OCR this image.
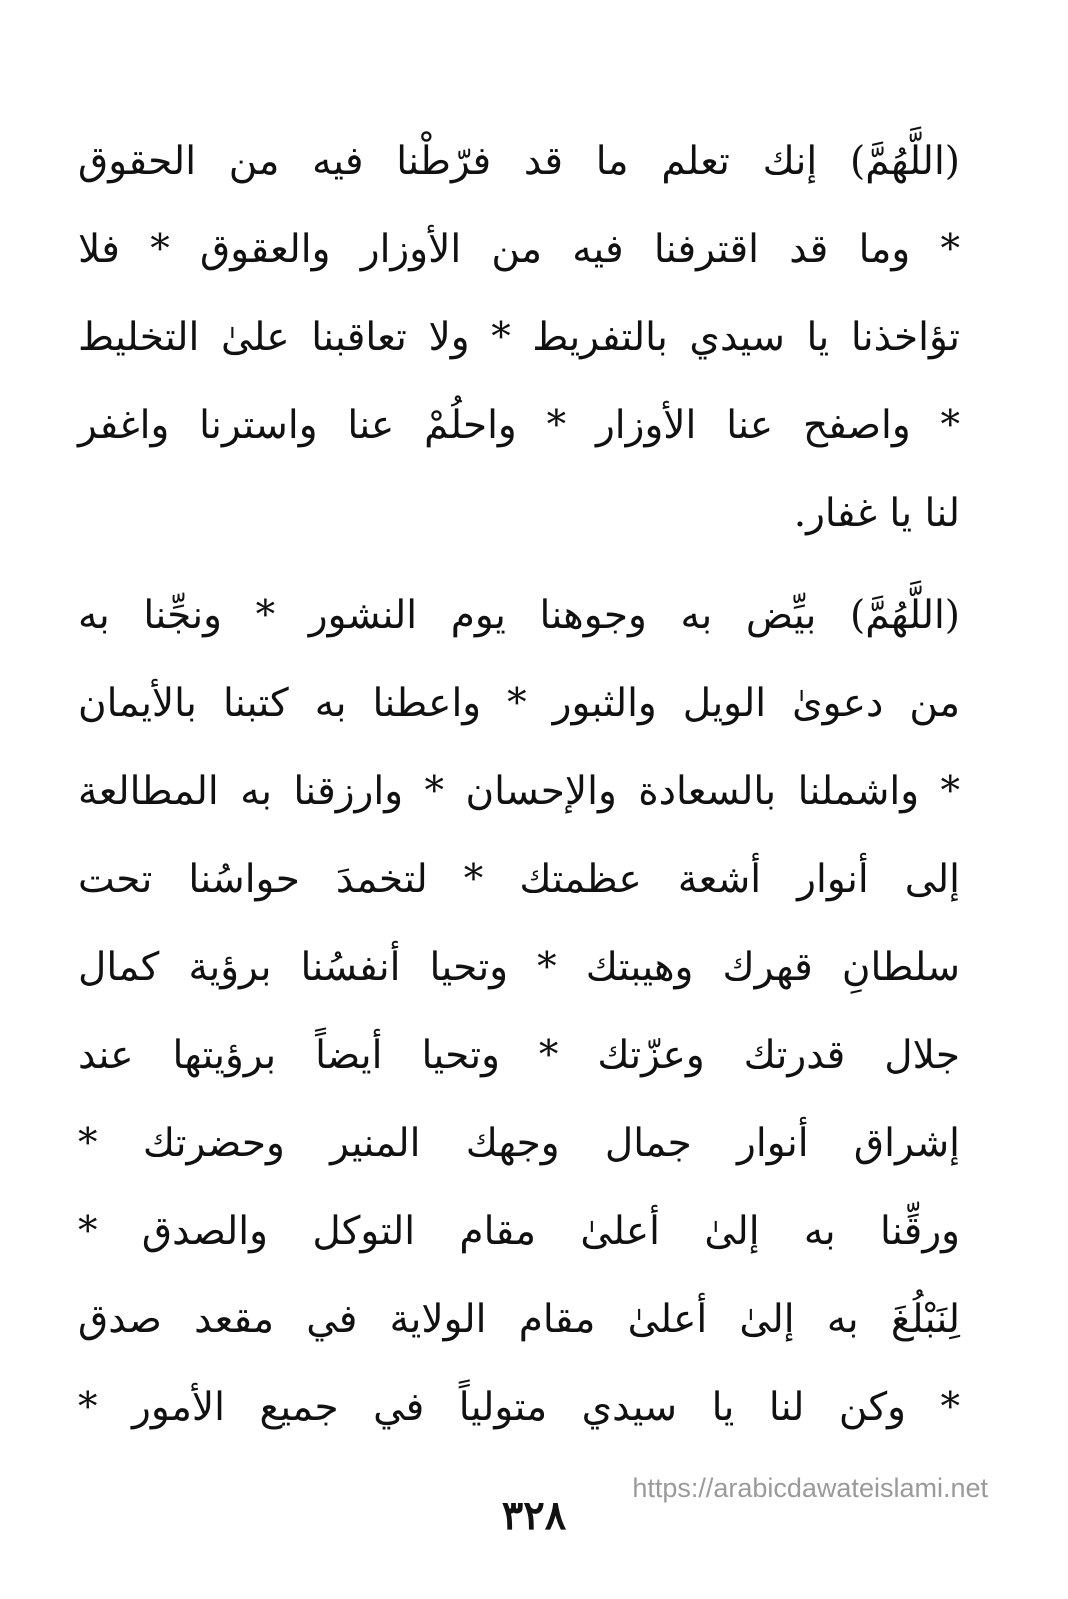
(اللَّهُمَّ) إنك تعلم ما قد فرّطْنا فيه من الحقوق
* وما قد اقترفنا فيه من الأوزار والعقوق * فلا
تؤاخذنا يا سيدي بالتفريط * ولا تعاقبنا علىٰ التخليط
* واصفح عنا الأوزار * واحلُمْ عنا واسترنا واغفر
لنا يا غفار.
(اللَّهُمَّ) بيِّض به وجوهنا يوم النشور * ونجِّنا به
من دعوىٰ الويل والثبور * واعطنا به كتبنا بالأيمان
* واشملنا بالسعادة والإحسان * وارزقنا به المطالعة
إلى أنوار أشعة عظمتك * لتخمدَ حواسُنا تحت
سلطانِ قهرك وهيبتك * وتحيا أنفسُنا برؤية كمال
جلال قدرتك وعزّتك * وتحيا أيضاً برؤيتها عند
إشراق أنوار جمال وجهك المنير وحضرتك *
ورقِّنا به إلىٰ أعلىٰ مقام التوكل والصدق *
لِنَبْلُغَ به إلىٰ أعلىٰ مقام الولاية في مقعد صدق
* وكن لنا يا سيدي متولياً في جميع الأمور *
https://arabicdawateislami.net
٣٢٨
